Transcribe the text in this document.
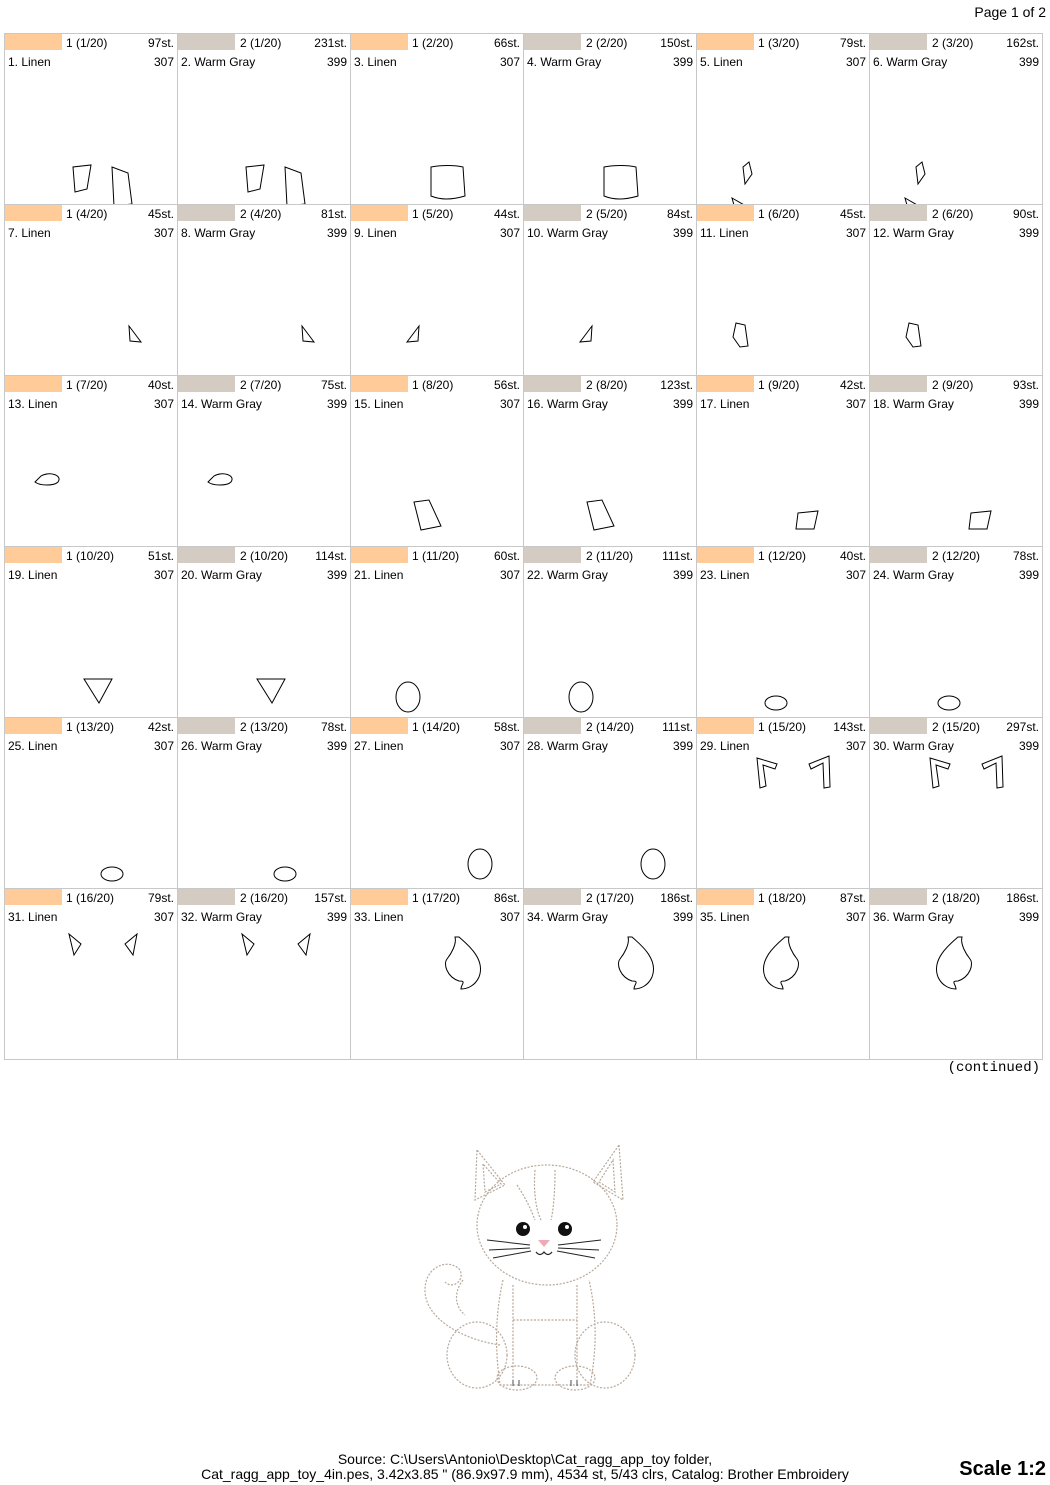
Page 1 of 2
1 (1/20)	97st.
1. Linen	307
2 (1/20)	231st.
2. Warm Gray	399
1 (2/20)	66st.
3. Linen	307
2 (2/20)	150st.
4. Warm Gray	399
1 (3/20)	79st.
5. Linen	307
2 (3/20)	162st.
6. Warm Gray	399
1 (4/20)	45st.
7. Linen	307
2 (4/20)	81st.
8. Warm Gray	399
1 (5/20)	44st.
9. Linen	307
2 (5/20)	84st.
10. Warm Gray	399
1 (6/20)	45st.
11. Linen	307
2 (6/20)	90st.
12. Warm Gray	399
1 (7/20)	40st.
13. Linen	307
2 (7/20)	75st.
14. Warm Gray	399
1 (8/20)	56st.
15. Linen	307
2 (8/20)	123st.
16. Warm Gray	399
1 (9/20)	42st.
17. Linen	307
2 (9/20)	93st.
18. Warm Gray	399
1 (10/20)	51st.
19. Linen	307
2 (10/20) 114st.
20. Warm Gray	399
1 (11/20)	60st.
21. Linen	307
2 (11/20) 111st.
22. Warm Gray	399
1 (12/20)	40st.
23. Linen	307
2 (12/20)	78st.
24. Warm Gray	399
1 (13/20)	42st.
25. Linen	307
2 (13/20)	78st.
26. Warm Gray	399
1 (14/20)	58st.
27. Linen	307
2 (14/20) 111st.
28. Warm Gray	399
1 (15/20) 143st.
29. Linen	307
2 (15/20) 297st.
30. Warm Gray	399
1 (16/20)	79st.
31. Linen	307
2 (16/20) 157st.
32. Warm Gray	399
1 (17/20)	86st.
33. Linen	307
2 (17/20) 186st.
34. Warm Gray	399
1 (18/20)	87st.
35. Linen	307
2 (18/20) 186st.
36. Warm Gray	399
(continued)
Source: C:\Users\Antonio\Desktop\Cat_ragg_app_toy folder,
Cat_ragg_app_toy_4in.pes, 3.42x3.85 " (86.9x97.9 mm), 4534 st, 5/43 clrs, Catalog: Brother Embroidery	Scale 1:2
